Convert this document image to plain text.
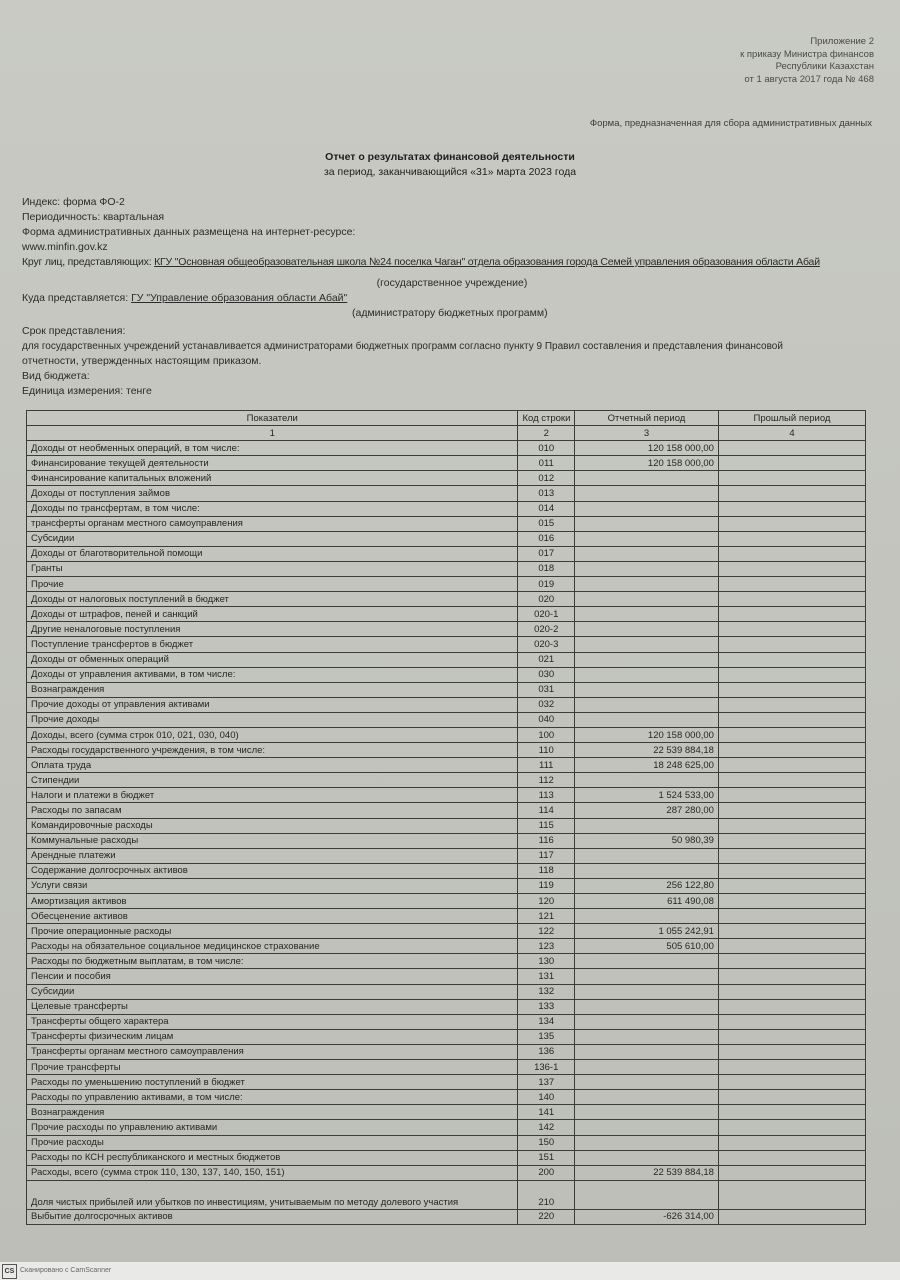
Приложение 2
к приказу Министра финансов
Республики Казахстан
от 1 августа 2017 года № 468
Форма, предназначенная для сбора административных данных
Отчет о результатах финансовой деятельности
за период, заканчивающийся «31» марта 2023 года
Индекс: форма ФО-2
Периодичность: квартальная
Форма административных данных размещена на интернет-ресурсе:
www.minfin.gov.kz
Круг лиц, представляющих: КГУ "Основная общеобразовательная школа №24 поселка Чаган" отдела образования города Семей управления образования области Абай
(государственное учреждение)
Куда представляется: ГУ "Управление образования области Абай"
(администратору бюджетных программ)
Срок представления:
для государственных учреждений устанавливается администраторами бюджетных программ согласно пункту 9 Правил составления и представления финансовой
отчетности, утвержденных настоящим приказом.
Вид бюджета:
Единица измерения: тенге
Показатели	Код строки	Отчетный период	Прошлый период
1	2	3	4
Доходы от необменных операций, в том числе:	010	120 158 000,00	
Финансирование текущей деятельности	011	120 158 000,00	
Финансирование капитальных вложений	012		
Доходы от поступления займов	013		
Доходы по трансфертам, в том числе:	014		
трансферты органам местного самоуправления	015		
Субсидии	016		
Доходы от благотворительной помощи	017		
Гранты	018		
Прочие	019		
Доходы от налоговых поступлений в бюджет	020		
Доходы от штрафов, пеней и санкций	020-1		
Другие неналоговые поступления	020-2		
Поступление трансфертов в бюджет	020-3		
Доходы от обменных операций	021		
Доходы от управления активами, в том числе:	030		
Вознаграждения	031		
Прочие доходы от управления активами	032		
Прочие доходы	040		
Доходы, всего (сумма строк 010, 021, 030, 040)	100	120 158 000,00	
Расходы государственного учреждения, в том числе:	110	22 539 884,18	
Оплата труда	111	18 248 625,00	
Стипендии	112		
Налоги и платежи в бюджет	113	1 524 533,00	
Расходы по запасам	114	287 280,00	
Командировочные расходы	115		
Коммунальные расходы	116	50 980,39	
Арендные платежи	117		
Содержание долгосрочных активов	118		
Услуги связи	119	256 122,80	
Амортизация активов	120	611 490,08	
Обесценение активов	121		
Прочие операционные расходы	122	1 055 242,91	
Расходы на обязательное социальное медицинское страхование	123	505 610,00	
Расходы по бюджетным выплатам, в том числе:	130		
Пенсии и пособия	131		
Субсидии	132		
Целевые трансферты	133		
Трансферты общего характера	134		
Трансферты физическим лицам	135		
Трансферты органам местного самоуправления	136		
Прочие трансферты	136-1		
Расходы по уменьшению поступлений в бюджет	137		
Расходы по управлению активами, в том числе:	140		
Вознаграждения	141		
Прочие расходы по управлению активами	142		
Прочие расходы	150		
Расходы по КСН республиканского и местных бюджетов	151		
Расходы, всего (сумма строк 110, 130, 137, 140, 150, 151)	200	22 539 884,18	
Доля чистых прибылей или убытков по инвестициям, учитываемым по методу долевого участия	210		
Выбытие долгосрочных активов	220	-626 314,00	
CS Сканировано с CamScanner
